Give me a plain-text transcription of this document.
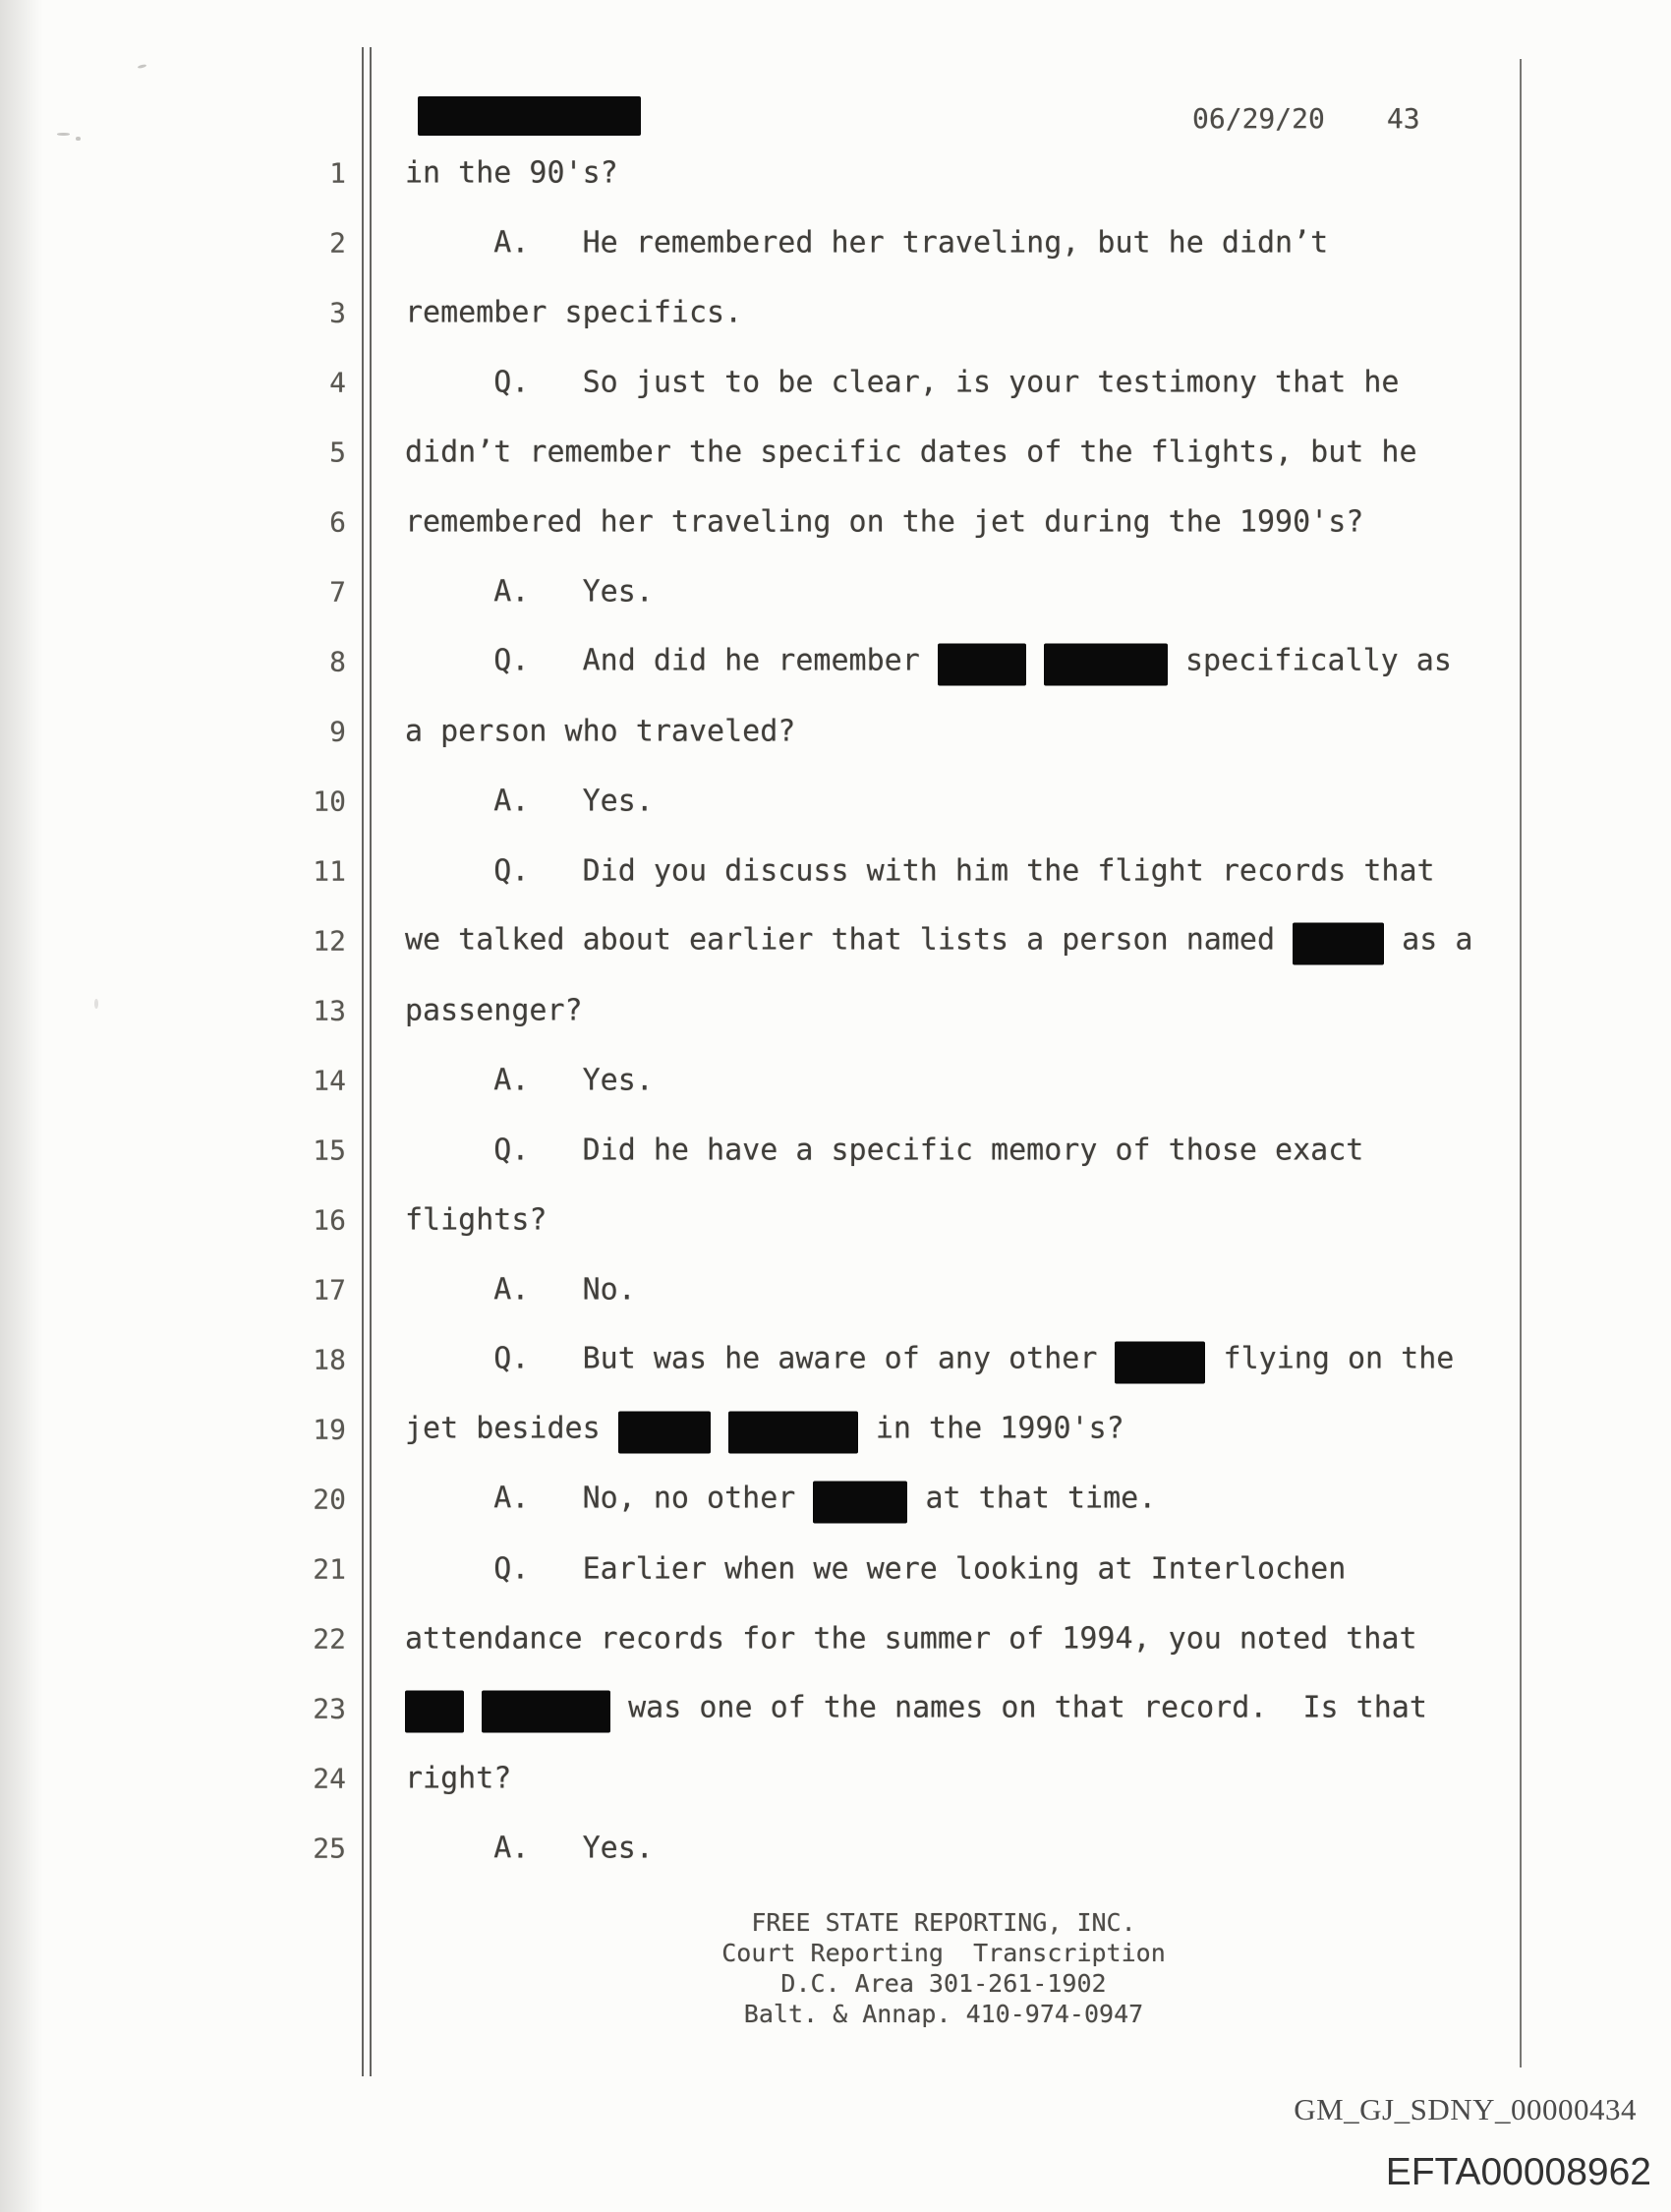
06/29/20 43
1 in the 90's?
2 A.   He remembered her traveling, but he didn’t
3 remember specifics.
4 Q.   So just to be clear, is your testimony that he
5 didn’t remember the specific dates of the flights, but he
6 remembered her traveling on the jet during the 1990's?
7 A.   Yes.
8 Q.   And did he remember	specifically as
9 a person who traveled?
10 A.   Yes.
11 Q.   Did you discuss with him the flight records that
12 we talked about earlier that lists a person named	as a
13 passenger?
14 A.   Yes.
15 Q.   Did he have a specific memory of those exact
16 flights?
17 A.   No.
18 Q.   But was he aware of any other	flying on the
19 jet besides	in the 1990's?
20 A.   No, no other	at that time.
21 Q.   Earlier when we were looking at Interlochen
22 attendance records for the summer of 1994, you noted that
23	was one of the names on that record.  Is that
24 right?
25 A.   Yes.
FREE STATE REPORTING, INC.
Court Reporting  Transcription
D.C. Area 301-261-1902
Balt. & Annap. 410-974-0947
GM_GJ_SDNY_00000434
EFTA00008962
